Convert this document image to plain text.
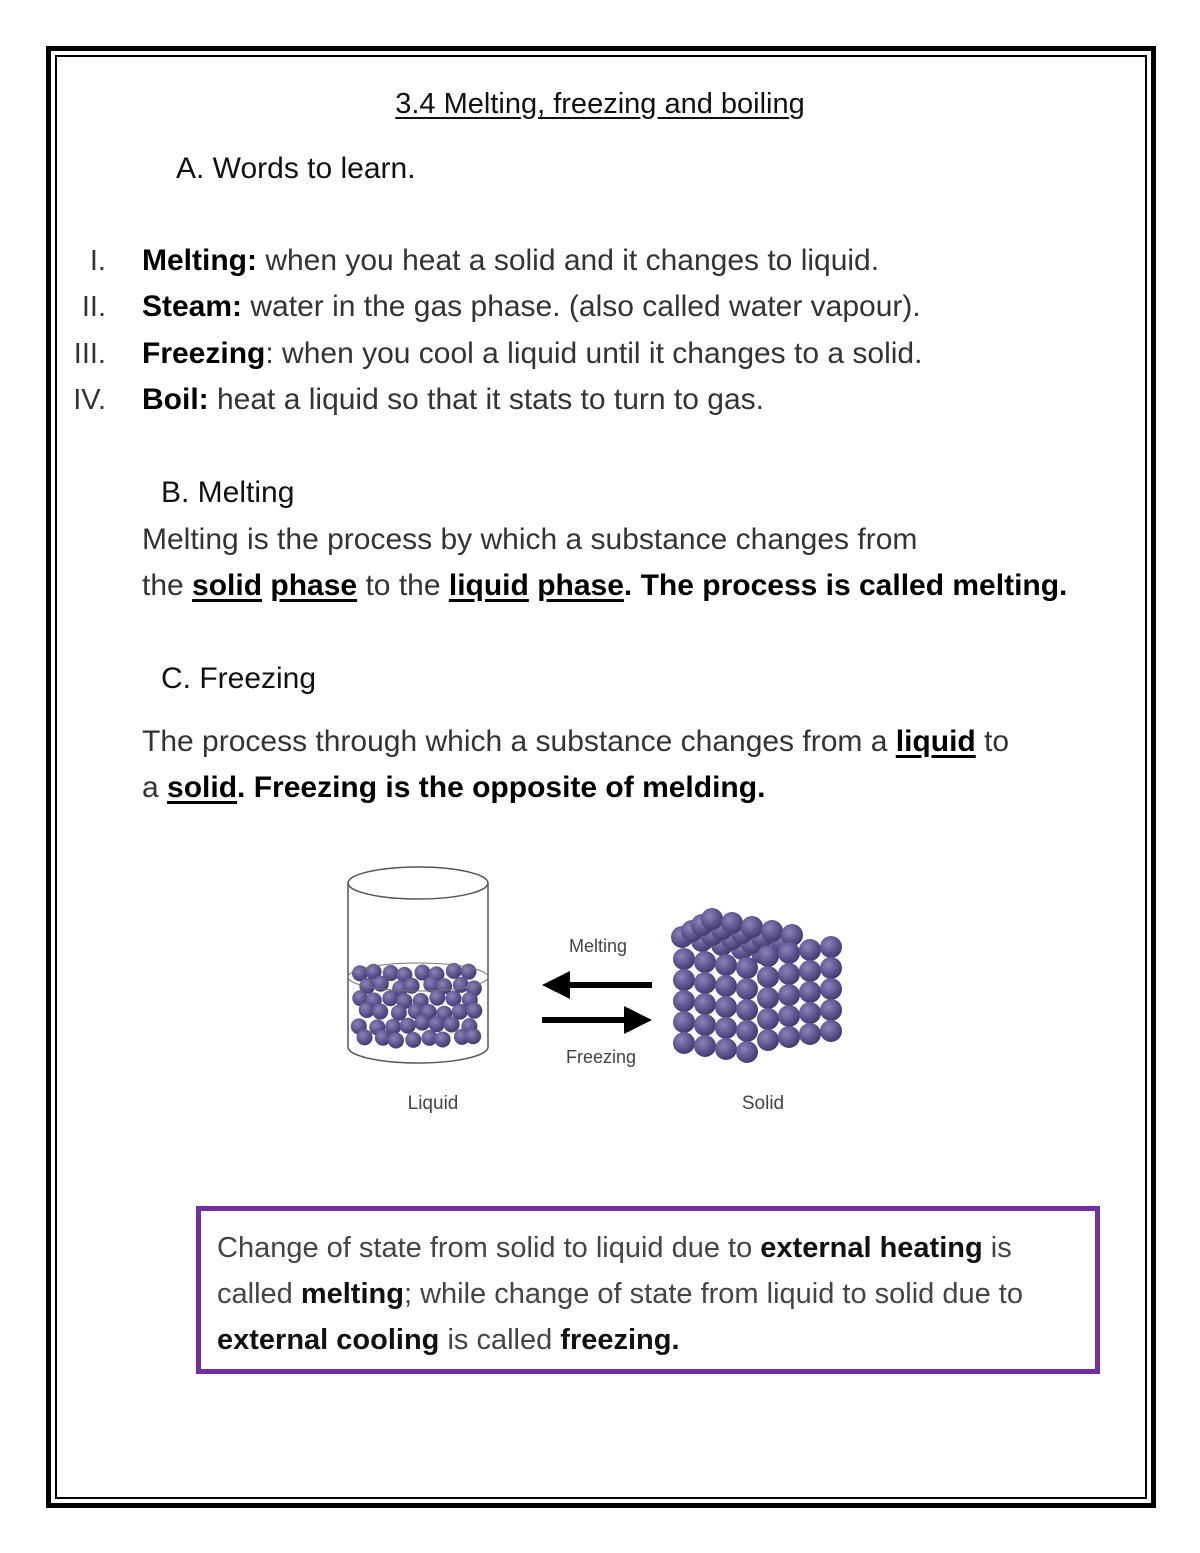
3.4 Melting, freezing and boiling
A. Words to learn.
I. Melting: when you heat a solid and it changes to liquid.
II. Steam: water in the gas phase. (also called water vapour).
III. Freezing: when you cool a liquid until it changes to a solid.
IV. Boil: heat a liquid so that it stats to turn to gas.
B. Melting
Melting is the process by which a substance changes from
the solid phase to the liquid phase. The process is called melting.
C. Freezing
The process through which a substance changes from a liquid to
a solid. Freezing is the opposite of melding.
Melting
Freezing
Liquid	Solid
Change of state from solid to liquid due to external heating is called melting; while change of state from liquid to solid due to external cooling is called freezing.
